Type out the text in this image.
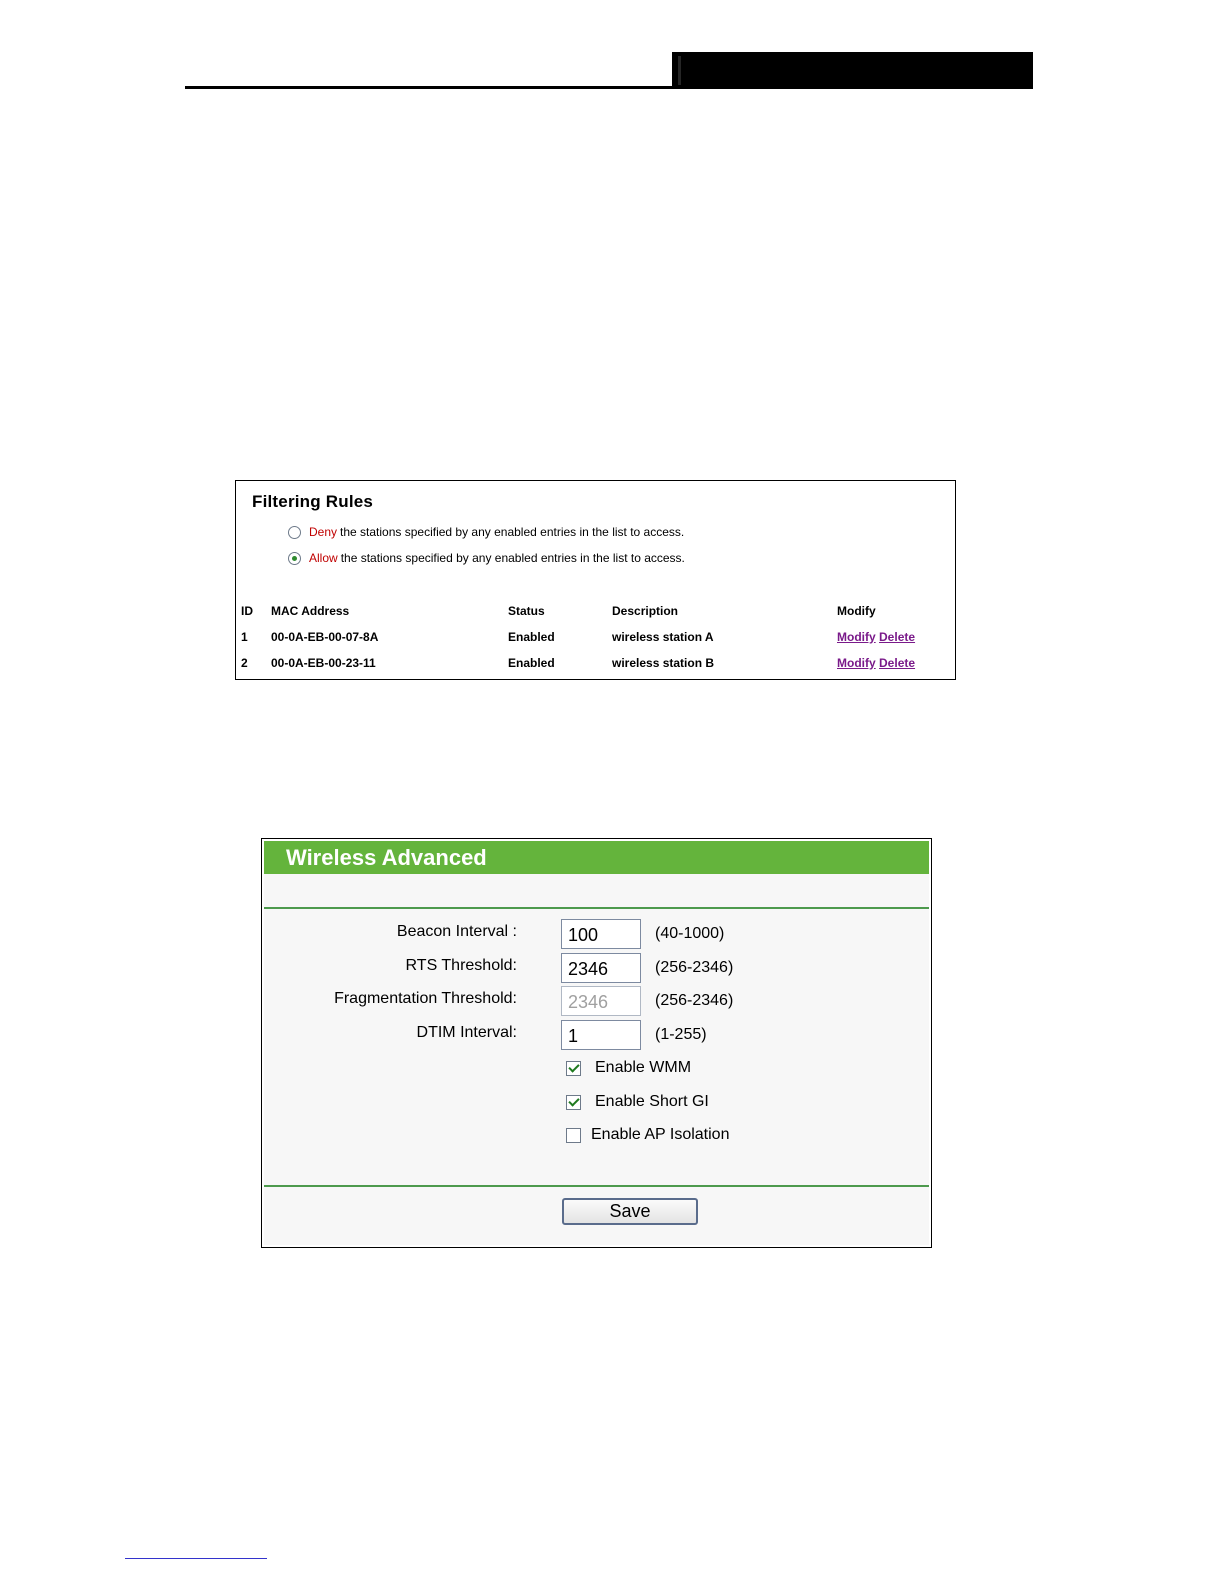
Filtering Rules
Deny the stations specified by any enabled entries in the list to access.
Allow the stations specified by any enabled entries in the list to access.
ID MAC Address	Status	Description	Modify
1 00-0A-EB-00-07-8A	Enabled	wireless station A	Modify Delete
2 00-0A-EB-00-23-11	Enabled	wireless station B	Modify Delete
Wireless Advanced
Beacon Interval :	100	(40-1000)
RTS Threshold:	2346	(256-2346)
Fragmentation Threshold:	2346	(256-2346)
DTIM Interval:	1	(1-255)
Enable WMM
Enable Short GI
Enable AP Isolation
Save
